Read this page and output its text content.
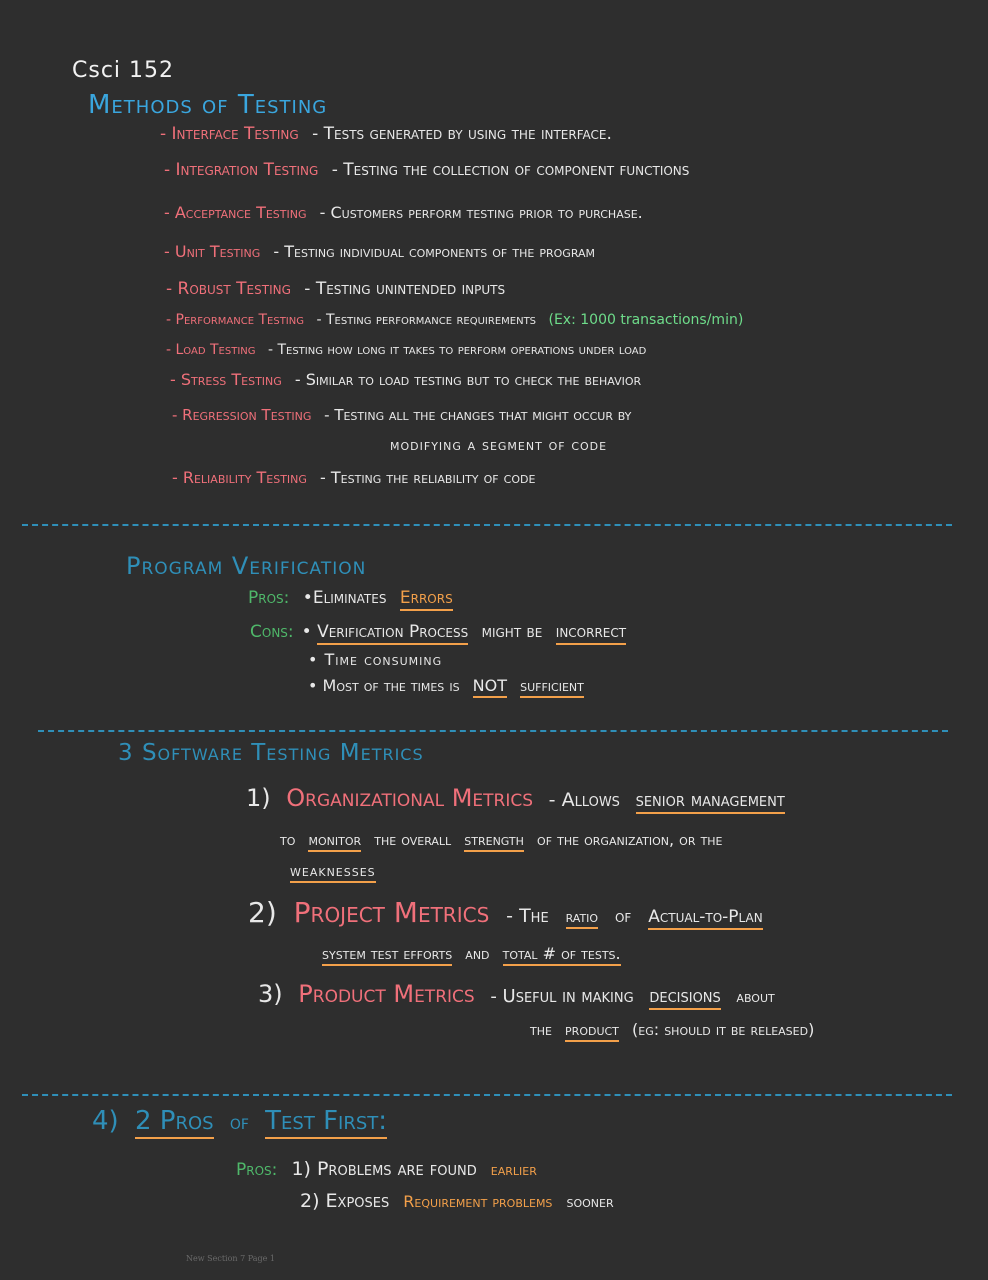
Csci 152
Methods of Testing
- Interface Testing - Tests generated by using the interface.
- Integration Testing - Testing the collection of component functions
- Acceptance Testing - Customers perform testing prior to purchase.
- Unit Testing - Testing individual components of the program
- Robust Testing - Testing unintended inputs
- Performance Testing - Testing performance requirements (Ex: 1000 transactions/min)
- Load Testing - Testing how long it takes to perform operations under load
- Stress Testing - Similar to load testing but to check the behavior
- Regression Testing - Testing all the changes that might occur by
modifying a segment of code
- Reliability Testing - Testing the reliability of code
Program Verification
Pros: •Eliminates Errors
Cons: • Verification Process might be incorrect
• Time consuming
• Most of the times is NOT sufficient
3 Software Testing Metrics
1) Organizational Metrics - Allows senior management
to monitor the overall strength of the organization, or the
weaknesses
2) Project Metrics - The ratio of Actual-to-Plan
system test efforts and total # of tests.
3) Product Metrics - Useful in making decisions about
the product (eg: should it be released)
4) 2 Pros of Test First:
Pros: 1) Problems are found earlier
2) Exposes Requirement problems sooner
New Section 7 Page 1
